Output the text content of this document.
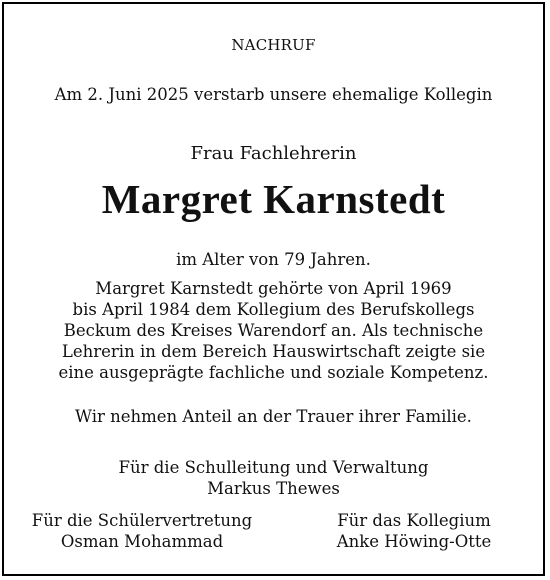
NACHRUF
Am 2. Juni 2025 verstarb unsere ehemalige Kollegin
Frau Fachlehrerin
Margret Karnstedt
im Alter von 79 Jahren.
Margret Karnstedt gehörte von April 1969
bis April 1984 dem Kollegium des Berufskollegs
Beckum des Kreises Warendorf an. Als technische
Lehrerin in dem Bereich Hauswirtschaft zeigte sie
eine ausgeprägte fachliche und soziale Kompetenz.
Wir nehmen Anteil an der Trauer ihrer Familie.
Für die Schulleitung und Verwaltung
Markus Thewes
Für die Schülervertretung
Osman Mohammad
Für das Kollegium
Anke Höwing-Otte
